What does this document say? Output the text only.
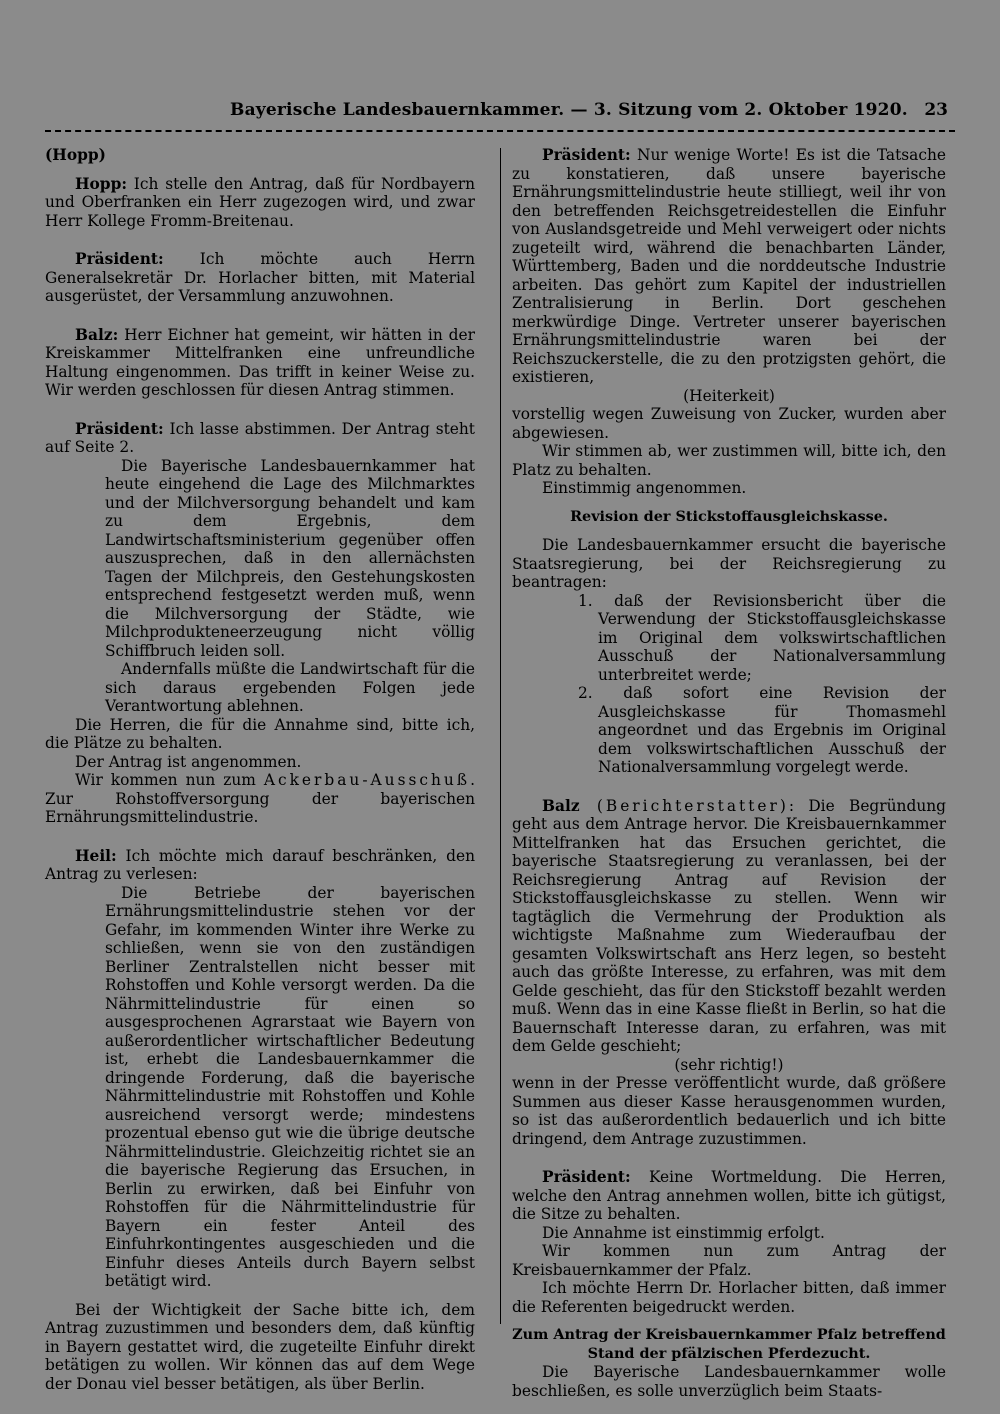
Bayerische Landesbauernkammer. — 3. Sitzung vom 2. Oktober 1920. 23

(Hopp)

Hopp: Ich stelle den Antrag, daß für Nordbayern und Oberfranken ein Herr zugezogen wird, und zwar Herr Kollege Fromm-Breitenau.

Präsident: Ich möchte auch Herrn Generalsekretär Dr. Horlacher bitten, mit Material ausgerüstet, der Versammlung anzuwohnen.

Balz: Herr Eichner hat gemeint, wir hätten in der Kreiskammer Mittelfranken eine unfreundliche Haltung eingenommen. Das trifft in keiner Weise zu. Wir werden geschlossen für diesen Antrag stimmen.

Präsident: Ich lasse abstimmen. Der Antrag steht auf Seite 2.

Die Bayerische Landesbauernkammer hat heute eingehend die Lage des Milchmarktes und der Milchversorgung behandelt und kam zu dem Ergebnis, dem Landwirtschaftsministerium gegenüber offen auszusprechen, daß in den allernächsten Tagen der Milchpreis, den Gestehungskosten entsprechend festgesetzt werden muß, wenn die Milchversorgung der Städte, wie Milchprodukteneerzeugung nicht völlig Schiffbruch leiden soll.

Andernfalls müßte die Landwirtschaft für die sich daraus ergebenden Folgen jede Verantwortung ablehnen.

Die Herren, die für die Annahme sind, bitte ich, die Plätze zu behalten.

Der Antrag ist angenommen.

Wir kommen nun zum Ackerbau-Ausschuß. Zur Rohstoffversorgung der bayerischen Ernährungsmittelindustrie.

Heil: Ich möchte mich darauf beschränken, den Antrag zu verlesen:

Die Betriebe der bayerischen Ernährungsmittelindustrie stehen vor der Gefahr, im kommenden Winter ihre Werke zu schließen, wenn sie von den zuständigen Berliner Zentralstellen nicht besser mit Rohstoffen und Kohle versorgt werden. Da die Nährmittelindustrie für einen so ausgesprochenen Agrarstaat wie Bayern von außerordentlicher wirtschaftlicher Bedeutung ist, erhebt die Landesbauernkammer die dringende Forderung, daß die bayerische Nährmittelindustrie mit Rohstoffen und Kohle ausreichend versorgt werde; mindestens prozentual ebenso gut wie die übrige deutsche Nährmittelindustrie. Gleichzeitig richtet sie an die bayerische Regierung das Ersuchen, in Berlin zu erwirken, daß bei Einfuhr von Rohstoffen für die Nährmittelindustrie für Bayern ein fester Anteil des Einfuhrkontingentes ausgeschieden und die Einfuhr dieses Anteils durch Bayern selbst betätigt wird.

Bei der Wichtigkeit der Sache bitte ich, dem Antrag zuzustimmen und besonders dem, daß künftig in Bayern gestattet wird, die zugeteilte Einfuhr direkt betätigen zu wollen. Wir können das auf dem Wege der Donau viel besser betätigen, als über Berlin.

Präsident: Nur wenige Worte! Es ist die Tatsache zu konstatieren, daß unsere bayerische Ernährungsmittelindustrie heute stilliegt, weil ihr von den betreffenden Reichsgetreidestellen die Einfuhr von Auslandsgetreide und Mehl verweigert oder nichts zugeteilt wird, während die benachbarten Länder, Württemberg, Baden und die norddeutsche Industrie arbeiten. Das gehört zum Kapitel der industriellen Zentralisierung in Berlin. Dort geschehen merkwürdige Dinge. Vertreter unserer bayerischen Ernährungsmittelindustrie waren bei der Reichszuckerstelle, die zu den protzigsten gehört, die existieren,

(Heiterkeit)

vorstellig wegen Zuweisung von Zucker, wurden aber abgewiesen.

Wir stimmen ab, wer zustimmen will, bitte ich, den Platz zu behalten.

Einstimmig angenommen.

Revision der Stickstoffausgleichskasse.

Die Landesbauernkammer ersucht die bayerische Staatsregierung, bei der Reichsregierung zu beantragen:

1. daß der Revisionsbericht über die Verwendung der Stickstoffausgleichskasse im Original dem volkswirtschaftlichen Ausschuß der Nationalversammlung unterbreitet werde;

2. daß sofort eine Revision der Ausgleichskasse für Thomasmehl angeordnet und das Ergebnis im Original dem volkswirtschaftlichen Ausschuß der Nationalversammlung vorgelegt werde.

Balz (Berichterstatter): Die Begründung geht aus dem Antrage hervor. Die Kreisbauernkammer Mittelfranken hat das Ersuchen gerichtet, die bayerische Staatsregierung zu veranlassen, bei der Reichsregierung Antrag auf Revision der Stickstoffausgleichskasse zu stellen. Wenn wir tagtäglich die Vermehrung der Produktion als wichtigste Maßnahme zum Wiederaufbau der gesamten Volkswirtschaft ans Herz legen, so besteht auch das größte Interesse, zu erfahren, was mit dem Gelde geschieht, das für den Stickstoff bezahlt werden muß. Wenn das in eine Kasse fließt in Berlin, so hat die Bauernschaft Interesse daran, zu erfahren, was mit dem Gelde geschieht;

(sehr richtig!)

wenn in der Presse veröffentlicht wurde, daß größere Summen aus dieser Kasse herausgenommen wurden, so ist das außerordentlich bedauerlich und ich bitte dringend, dem Antrage zuzustimmen.

Präsident: Keine Wortmeldung. Die Herren, welche den Antrag annehmen wollen, bitte ich gütigst, die Sitze zu behalten.

Die Annahme ist einstimmig erfolgt.

Wir kommen nun zum Antrag der Kreisbauernkammer der Pfalz.

Ich möchte Herrn Dr. Horlacher bitten, daß immer die Referenten beigedruckt werden.

Zum Antrag der Kreisbauernkammer Pfalz betreffend Stand der pfälzischen Pferdezucht.

Die Bayerische Landesbauernkammer wolle beschließen, es solle unverzüglich beim Staats-
